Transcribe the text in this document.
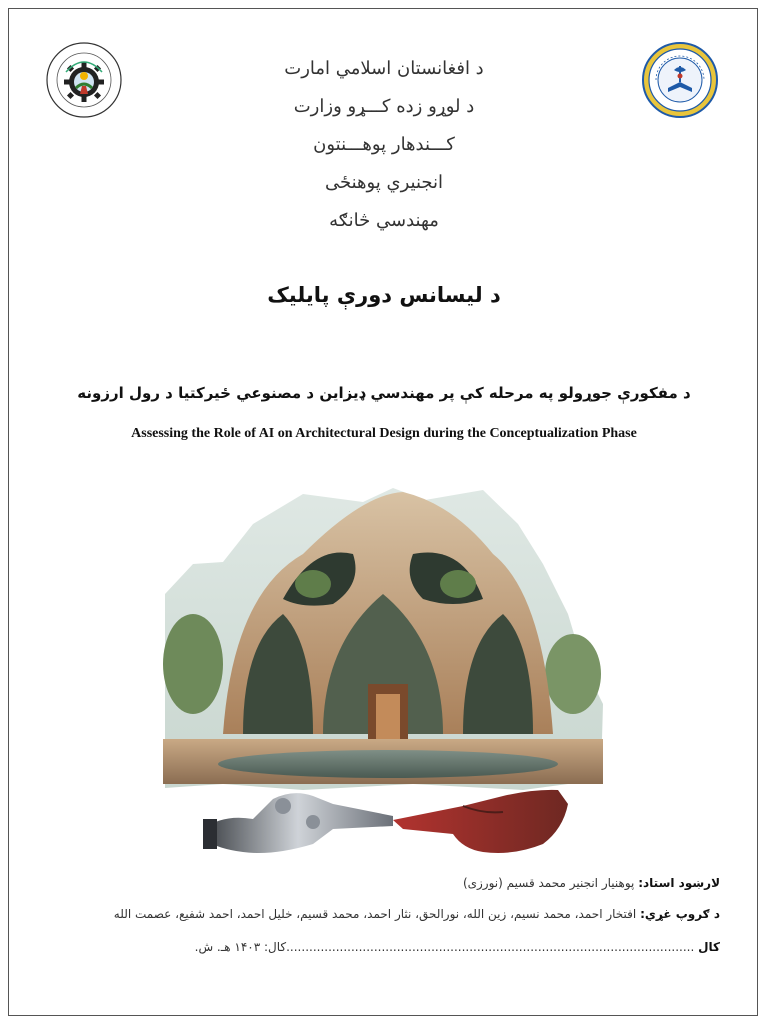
د افغانستان اسلامي امارت
د لوړو زده کـــړو وزارت
کـــندهار پوهـــنتون
انجنیري پوهنځی
مهندسي څانګه
د لیسانس دورې پایلیک
د مفکورې جوړولو په مرحله کې پر مهندسي ډیزاین د مصنوعي ځیرکتیا د رول ارزونه
Assessing the Role of AI on Architectural Design during the Conceptualization Phase
لارښود استاد: پوهنیار انجنیر محمد قسیم (نورزی)
د ګروپ غړي: افتخار احمد، محمد نسیم، زین الله، نورالحق، نثار احمد، محمد قسیم، خلیل احمد، احمد شفیع، عصمت الله
کال ...........................................................................................................کال: ۱۴۰۳ هـ. ش.
